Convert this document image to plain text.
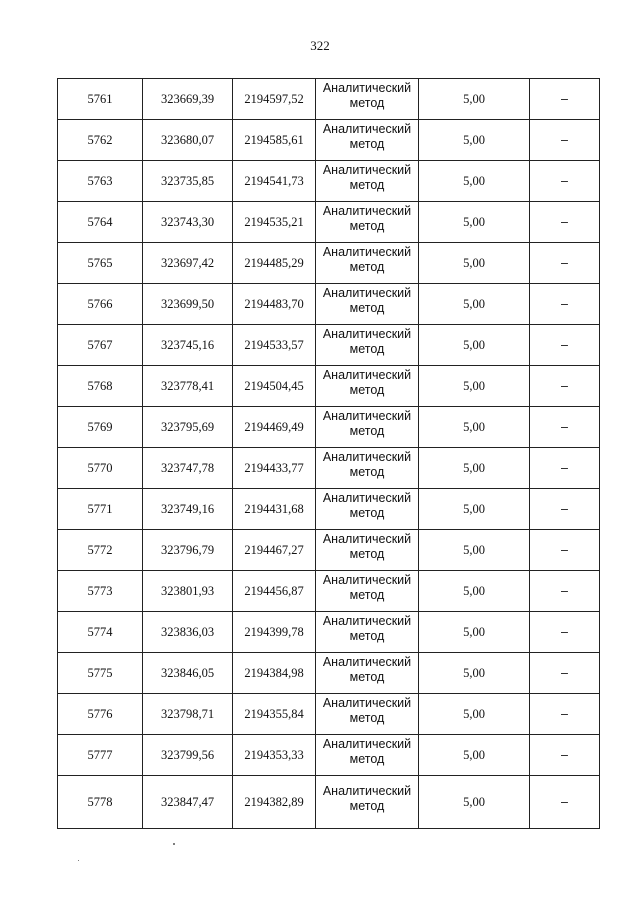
322
5761	323669,39	2194597,52	Аналитический метод	5,00	–
5762	323680,07	2194585,61	Аналитический метод	5,00	–
5763	323735,85	2194541,73	Аналитический метод	5,00	–
5764	323743,30	2194535,21	Аналитический метод	5,00	–
5765	323697,42	2194485,29	Аналитический метод	5,00	–
5766	323699,50	2194483,70	Аналитический метод	5,00	–
5767	323745,16	2194533,57	Аналитический метод	5,00	–
5768	323778,41	2194504,45	Аналитический метод	5,00	–
5769	323795,69	2194469,49	Аналитический метод	5,00	–
5770	323747,78	2194433,77	Аналитический метод	5,00	–
5771	323749,16	2194431,68	Аналитический метод	5,00	–
5772	323796,79	2194467,27	Аналитический метод	5,00	–
5773	323801,93	2194456,87	Аналитический метод	5,00	–
5774	323836,03	2194399,78	Аналитический метод	5,00	–
5775	323846,05	2194384,98	Аналитический метод	5,00	–
5776	323798,71	2194355,84	Аналитический метод	5,00	–
5777	323799,56	2194353,33	Аналитический метод	5,00	–
5778	323847,47	2194382,89	Аналитический метод	5,00	–
